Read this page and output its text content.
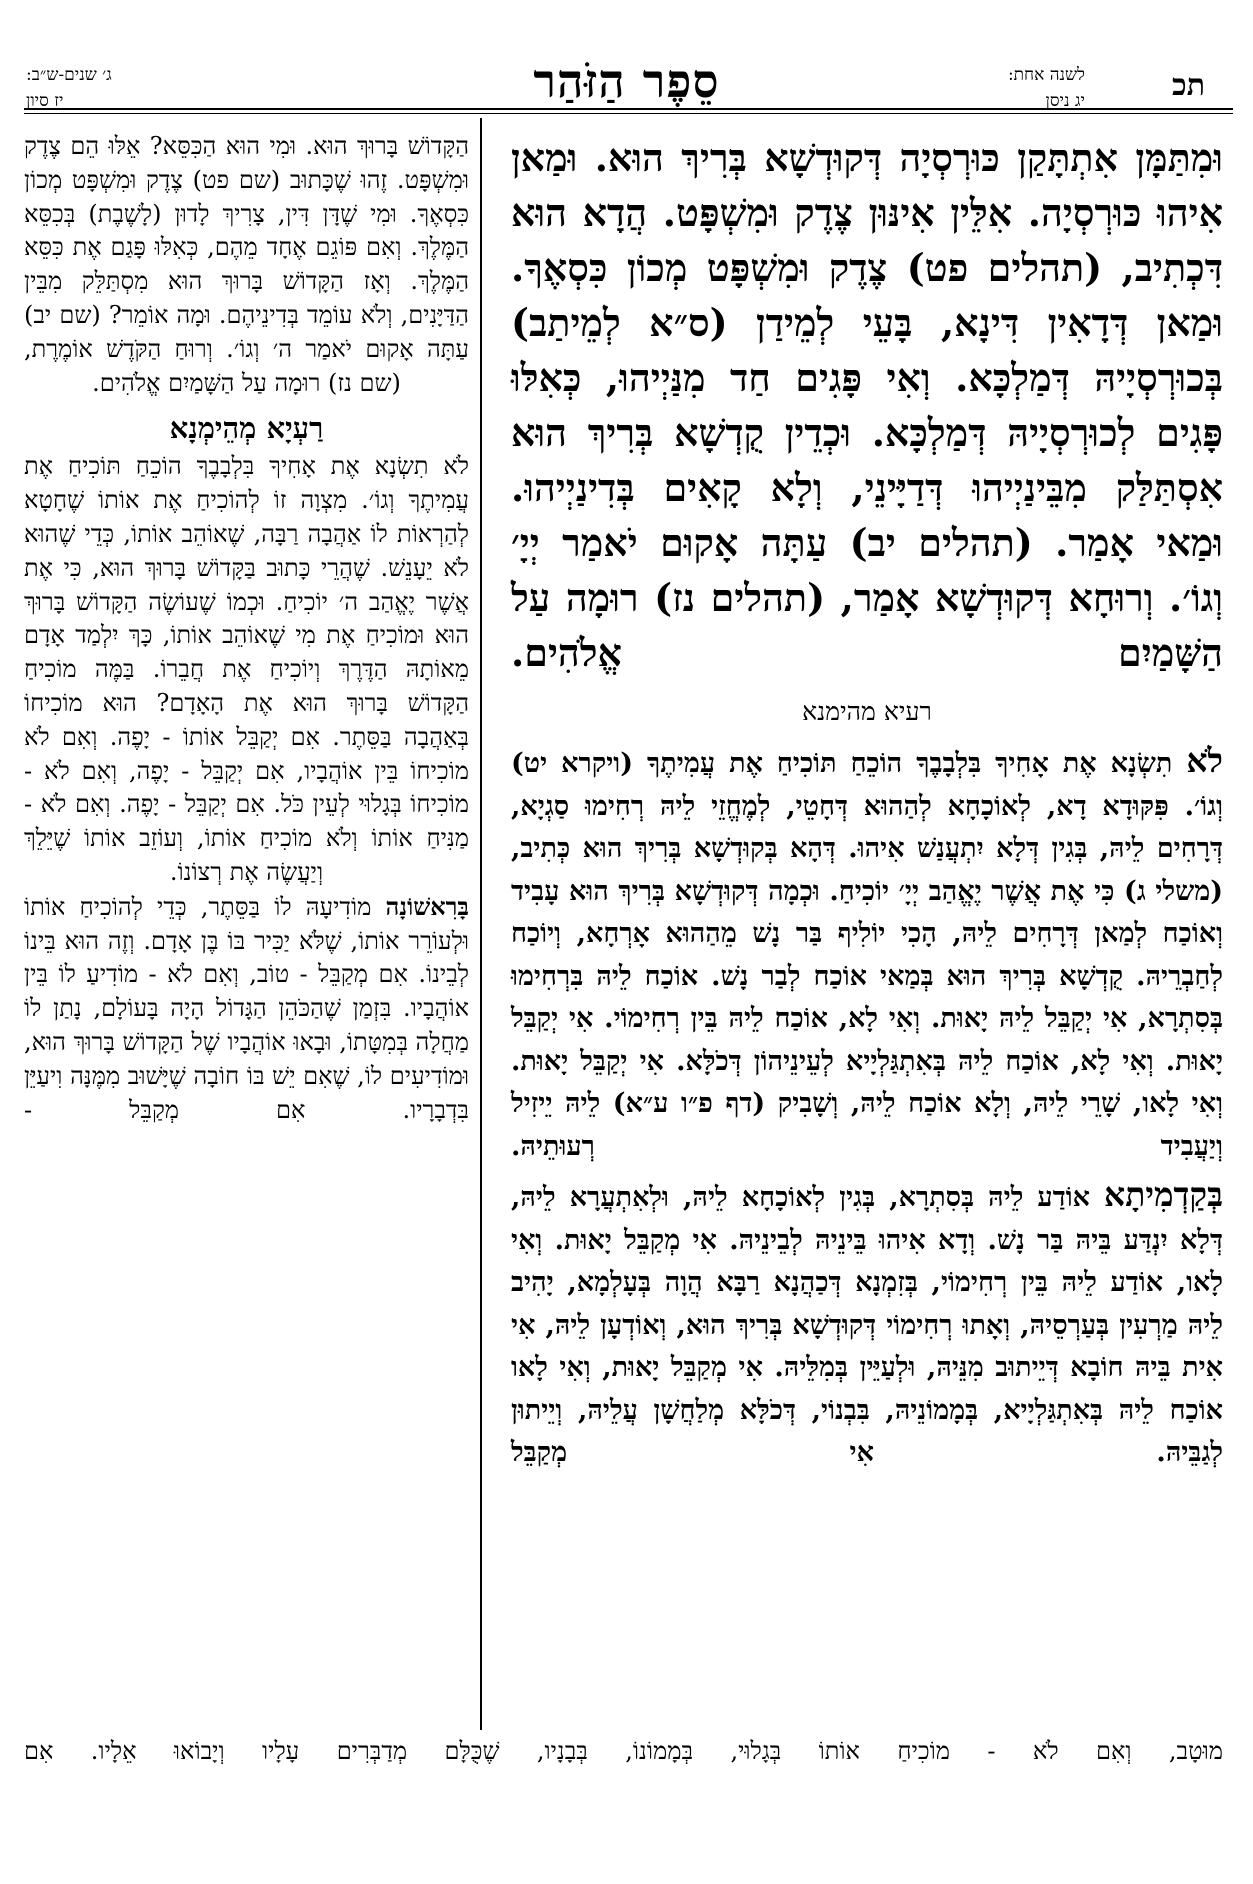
תכ
לשנה אחת:
יג ניסן
סֵפֶר הַזֹּהַר
ג׳ שנים-ש״ב:
יז סיון
וּמִתַּמָּן אִתְתָּקַן כּוּרְסְיָה דְּקוּדְשָׁא בְּרִיךְ הוּא. וּמַאן אִיהוּ כּוּרְסְיָה. אִלֵּין אִינּוּן צֶדֶק וּמִשְׁפָּט. הֲדָא הוּא דִּכְתִיב, (תהלים פט) צֶדֶק וּמִשְׁפָּט מְכוֹן כִּסְאֶךָ. וּמַאן דְּדָאִין דִּינָא, בָּעֵי לְמֵידַן (ס״א לְמֵיתַב) בְּכוּרְסְיָיהּ דְּמַלְכָּא. וְאִי פָּגִים חַד מִנַּיְיהוּ, כְּאִלּוּ פָּגִים לְכוּרְסְיָיהּ דְּמַלְכָּא. וּכְדֵין קֻדְשָׁא בְּרִיךְ הוּא אִסְתַּלַּק מִבֵּינַיְיהוּ דְּדַיָּינֵי, וְלָא קָאִים בְּדִינַיְיהוּ. וּמַאי אָמַר. (תהלים יב) עַתָּה אָקוּם יֹאמַר יְיָ׳ וְגוֹ׳. וְרוּחָא דְּקוּדְשָׁא אָמַר, (תהלים נז) רוּמָה עַל הַשָּׁמַיִם אֱלֹהִים.
רעיא מהימנא

לֹא תִשְׂנָא אֶת אָחִיךָ בִּלְבָבֶךָ הוֹכֵחַ תּוֹכִיחַ אֶת עֲמִיתֶךָ (ויקרא יט) וְגוֹ׳. פִּקּוּדָא דָא, לְאוֹכָחָא לְהַהוּא דְּחָטֵי, לְמֶחֱזֵי לֵיהּ רְחִימוּ סַגְיָא, דְּרָחִים לֵיהּ, בְּגִין דְּלָא יִתְעֲנַשׁ אִיהוּ. דְּהָא בְּקוּדְשָׁא בְּרִיךְ הוּא כְּתִיב, (משלי ג) כִּי אֶת אֲשֶׁר יֶאֱהַב יְיָ׳ יוֹכִיחַ. וּכְמָה דְּקוּדְשָׁא בְּרִיךְ הוּא עָבִיד וְאוֹכַח לְמַאן דְּרָחִים לֵיהּ, הָכִי יוֹלִיף בַּר נָשׁ מֵהַהוּא אָרְחָא, וְיוֹכַח לְחַבְרֵיהּ. קֻדְשָׁא בְּרִיךְ הוּא בְּמַאי אוֹכַח לְבַר נָשׁ. אוֹכַח לֵיהּ בִּרְחִימוּ בְּסִתְרָא, אִי יְקַבֵּל לֵיהּ יָאוּת. וְאִי לָא, אוֹכַח לֵיהּ בֵּין רְחִימוֹי. אִי יְקַבֵּל יָאוּת. וְאִי לָא, אוֹכַח לֵיהּ בְּאִתְגַּלְיָיא לְעֵינֵיהוֹן דְּכֹלָּא. אִי יְקַבֵּל יָאוּת. וְאִי לָאו, שָׁרֵי לֵיהּ, וְלָא אוֹכַח לֵיהּ, וְשָׁבִיק (דף פ״ו ע״א) לֵיהּ יֵיזִיל וְיַעֲבִיד רְעוּתֵיהּ.

בְּקַדְמִיתָא אוֹדַע לֵיהּ בְּסִתְרָא, בְּגִין לְאוֹכָחָא לֵיהּ, וּלְאִתְעֲרָא לֵיהּ, דְּלָא יִנְדַּע בֵּיהּ בַּר נָשׁ. וְדָא אִיהוּ בֵּינֵיהּ לְבֵינֵיהּ. אִי מְקַבֵּל יָאוּת. וְאִי לָאו, אוֹדַע לֵיהּ בֵּין רְחִימוֹי, בְּזִמְנָא דְּכַהֲנָא רַבָּא הֲוָה בְּעָלְמָא, יָהִיב לֵיהּ מַרְעִין בְּעַרְסֵיהּ, וְאָתוּ רְחִימוֹי דְּקוּדְשָׁא בְּרִיךְ הוּא, וְאוֹדְעָן לֵיהּ, אִי אִית בֵּיהּ חוֹבָא דְּיֵיתוּב מִנֵּיהּ, וּלְעַיֵּין בְּמִלֵּיהּ. אִי מְקַבֵּל יָאוּת, וְאִי לָאו אוֹכַח לֵיהּ בְּאִתְגַּלְיָיא, בְּמָמוֹנֵיהּ, בִּבְנוֹי, דְּכֹלָּא מְלַחֲשָׁן עֲלֵיהּ, וְיֵיתוּן לְגַבֵּיהּ. אִי מְקַבֵּל

הַקָּדוֹשׁ בָּרוּךְ הוּא. וּמִי הוּא הַכִּסֵּא? אֵלּוּ הֵם צֶדֶק וּמִשְׁפָּט. זֶהוּ שֶׁכָּתוּב (שם פט) צֶדֶק וּמִשְׁפָּט מְכוֹן כִּסְאֶךָ. וּמִי שֶׁדָּן דִּין, צָרִיךְ לָדוּן (לָשֶׁבֶת) בְּכִסֵּא הַמֶּלֶךְ. וְאִם פּוֹגֵם אֶחָד מֵהֶם, כְּאִלּוּ פָּגַם אֶת כִּסֵּא הַמֶּלֶךְ. וְאָז הַקָּדוֹשׁ בָּרוּךְ הוּא מִסְתַּלֵּק מִבֵּין הַדַּיָּנִים, וְלֹא עוֹמֵד בְּדִינֵיהֶם. וּמָה אוֹמֵר? (שם יב) עַתָּה אָקוּם יֹאמַר ה׳ וְגוֹ׳. וְרוּחַ הַקֹּדֶשׁ אוֹמֶרֶת, (שם נז) רוּמָה עַל הַשָּׁמַיִם אֱלֹהִים.

רַעְיָא מְהֵימְנָא

לֹא תִשְׂנָא אֶת אָחִיךָ בִּלְבָבֶךָ הוֹכֵחַ תּוֹכִיחַ אֶת עֲמִיתֶךָ וְגוֹ׳. מִצְוָה זוֹ לְהוֹכִיחַ אֶת אוֹתוֹ שֶׁחָטָא לְהַרְאוֹת לוֹ אַהֲבָה רַבָּה, שֶׁאוֹהֵב אוֹתוֹ, כְּדֵי שֶׁהוּא לֹא יֵעָנֵשׁ. שֶׁהֲרֵי כָּתוּב בַּקָּדוֹשׁ בָּרוּךְ הוּא, כִּי אֶת אֲשֶׁר יֶאֱהַב ה׳ יוֹכִיחַ. וּכְמוֹ שֶׁעוֹשֶׂה הַקָּדוֹשׁ בָּרוּךְ הוּא וּמוֹכִיחַ אֶת מִי שֶׁאוֹהֵב אוֹתוֹ, כָּךְ יִלְמַד אָדָם מֵאוֹתָהּ הַדֶּרֶךְ וְיוֹכִיחַ אֶת חֲבֵרוֹ. בַּמֶּה מוֹכִיחַ הַקָּדוֹשׁ בָּרוּךְ הוּא אֶת הָאָדָם? הוּא מוֹכִיחוֹ בְּאַהֲבָה בַּסֵּתֶר. אִם יְקַבֵּל אוֹתוֹ - יָפֶה. וְאִם לֹא מוֹכִיחוֹ בֵּין אוֹהֲבָיו, אִם יְקַבֵּל - יָפֶה, וְאִם לֹא - מוֹכִיחוֹ בְּגָלוּי לְעֵין כֹּל. אִם יְקַבֵּל - יָפֶה. וְאִם לֹא - מַנִּיחַ אוֹתוֹ וְלֹא מוֹכִיחַ אוֹתוֹ, וְעוֹזֵב אוֹתוֹ שֶׁיֵּלֵךְ וְיַעֲשֶׂה אֶת רְצוֹנוֹ.

בָּרִאשׁוֹנָה מוֹדִיעָהּ לוֹ בַּסֵּתֶר, כְּדֵי לְהוֹכִיחַ אוֹתוֹ וּלְעוֹרֵר אוֹתוֹ, שֶׁלֹּא יַכִּיר בּוֹ בֶּן אָדָם. וְזֶה הוּא בֵּינוֹ לְבֵינוֹ. אִם מְקַבֵּל - טוֹב, וְאִם לֹא - מוֹדִיעַ לוֹ בֵּין אוֹהֲבָיו. בִּזְמַן שֶׁהַכֹּהֵן הַגָּדוֹל הָיָה בָּעוֹלָם, נָתַן לוֹ מַחֲלָה בְּמִטָּתוֹ, וּבָאוּ אוֹהֲבָיו שֶׁל הַקָּדוֹשׁ בָּרוּךְ הוּא, וּמוֹדִיעִים לוֹ, שֶׁאִם יֵשׁ בּוֹ חוֹבָה שֶׁיָּשׁוּב מִמֶּנָּה וִיעַיֵּן בִּדְבָרָיו. אִם מְקַבֵּל -

מוּטָב, וְאִם לֹא - מוֹכִיחַ אוֹתוֹ בְּגָלוּי, בְּמָמוֹנוֹ, בְּבָנָיו, שֶׁכֻּלָּם מְדַבְּרִים עָלָיו וְיָבוֹאוּ אֵלָיו. אִם
